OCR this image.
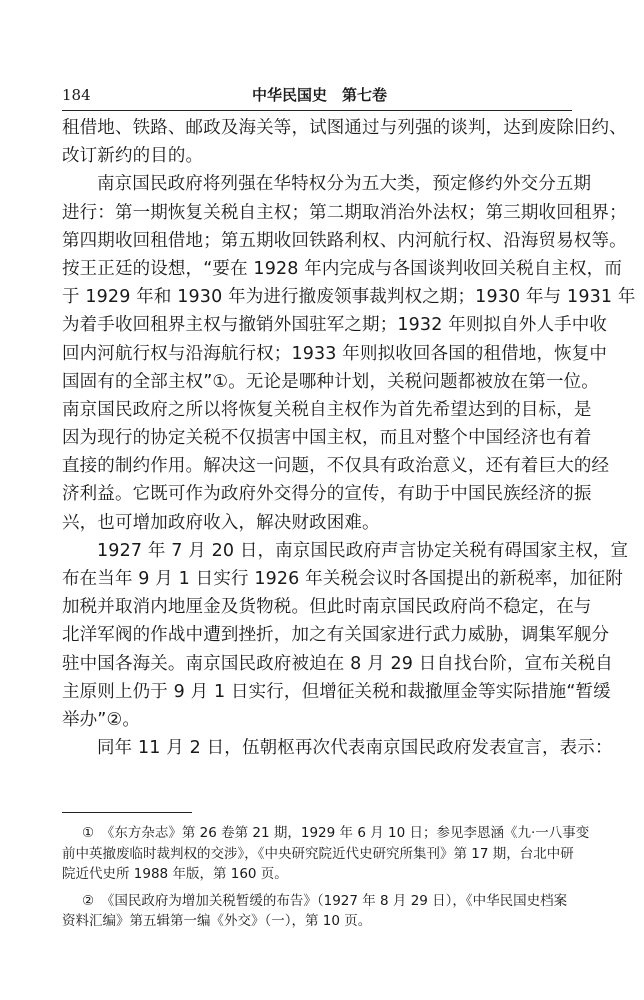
184	中华民国史　第七卷
租借地、铁路、邮政及海关等，试图通过与列强的谈判，达到废除旧约、
改订新约的目的。
南京国民政府将列强在华特权分为五大类，预定修约外交分五期
进行：第一期恢复关税自主权；第二期取消治外法权；第三期收回租界；
第四期收回租借地；第五期收回铁路利权、内河航行权、沿海贸易权等。
按王正廷的设想，“要在 1928 年内完成与各国谈判收回关税自主权，而
于 1929 年和 1930 年为进行撤废领事裁判权之期；1930 年与 1931 年
为着手收回租界主权与撤销外国驻军之期；1932 年则拟自外人手中收
回内河航行权与沿海航行权；1933 年则拟收回各国的租借地，恢复中
国固有的全部主权”①。无论是哪种计划，关税问题都被放在第一位。
南京国民政府之所以将恢复关税自主权作为首先希望达到的目标，是
因为现行的协定关税不仅损害中国主权，而且对整个中国经济也有着
直接的制约作用。解决这一问题，不仅具有政治意义，还有着巨大的经
济利益。它既可作为政府外交得分的宣传，有助于中国民族经济的振
兴，也可增加政府收入，解决财政困难。
1927 年 7 月 20 日，南京国民政府声言协定关税有碍国家主权，宣
布在当年 9 月 1 日实行 1926 年关税会议时各国提出的新税率，加征附
加税并取消内地厘金及货物税。但此时南京国民政府尚不稳定，在与
北洋军阀的作战中遭到挫折，加之有关国家进行武力威胁，调集军舰分
驻中国各海关。南京国民政府被迫在 8 月 29 日自找台阶，宣布关税自
主原则上仍于 9 月 1 日实行，但增征关税和裁撤厘金等实际措施“暂缓
举办”②。
同年 11 月 2 日，伍朝枢再次代表南京国民政府发表宣言，表示：
①　《东方杂志》第 26 卷第 21 期，1929 年 6 月 10 日；参见李恩涵《九·一八事变
前中英撤废临时裁判权的交涉》，《中央研究院近代史研究所集刊》第 17 期，台北中研
院近代史所 1988 年版，第 160 页。
②　《国民政府为增加关税暂缓的布告》（1927 年 8 月 29 日），《中华民国史档案
资料汇编》第五辑第一编《外交》（一），第 10 页。
